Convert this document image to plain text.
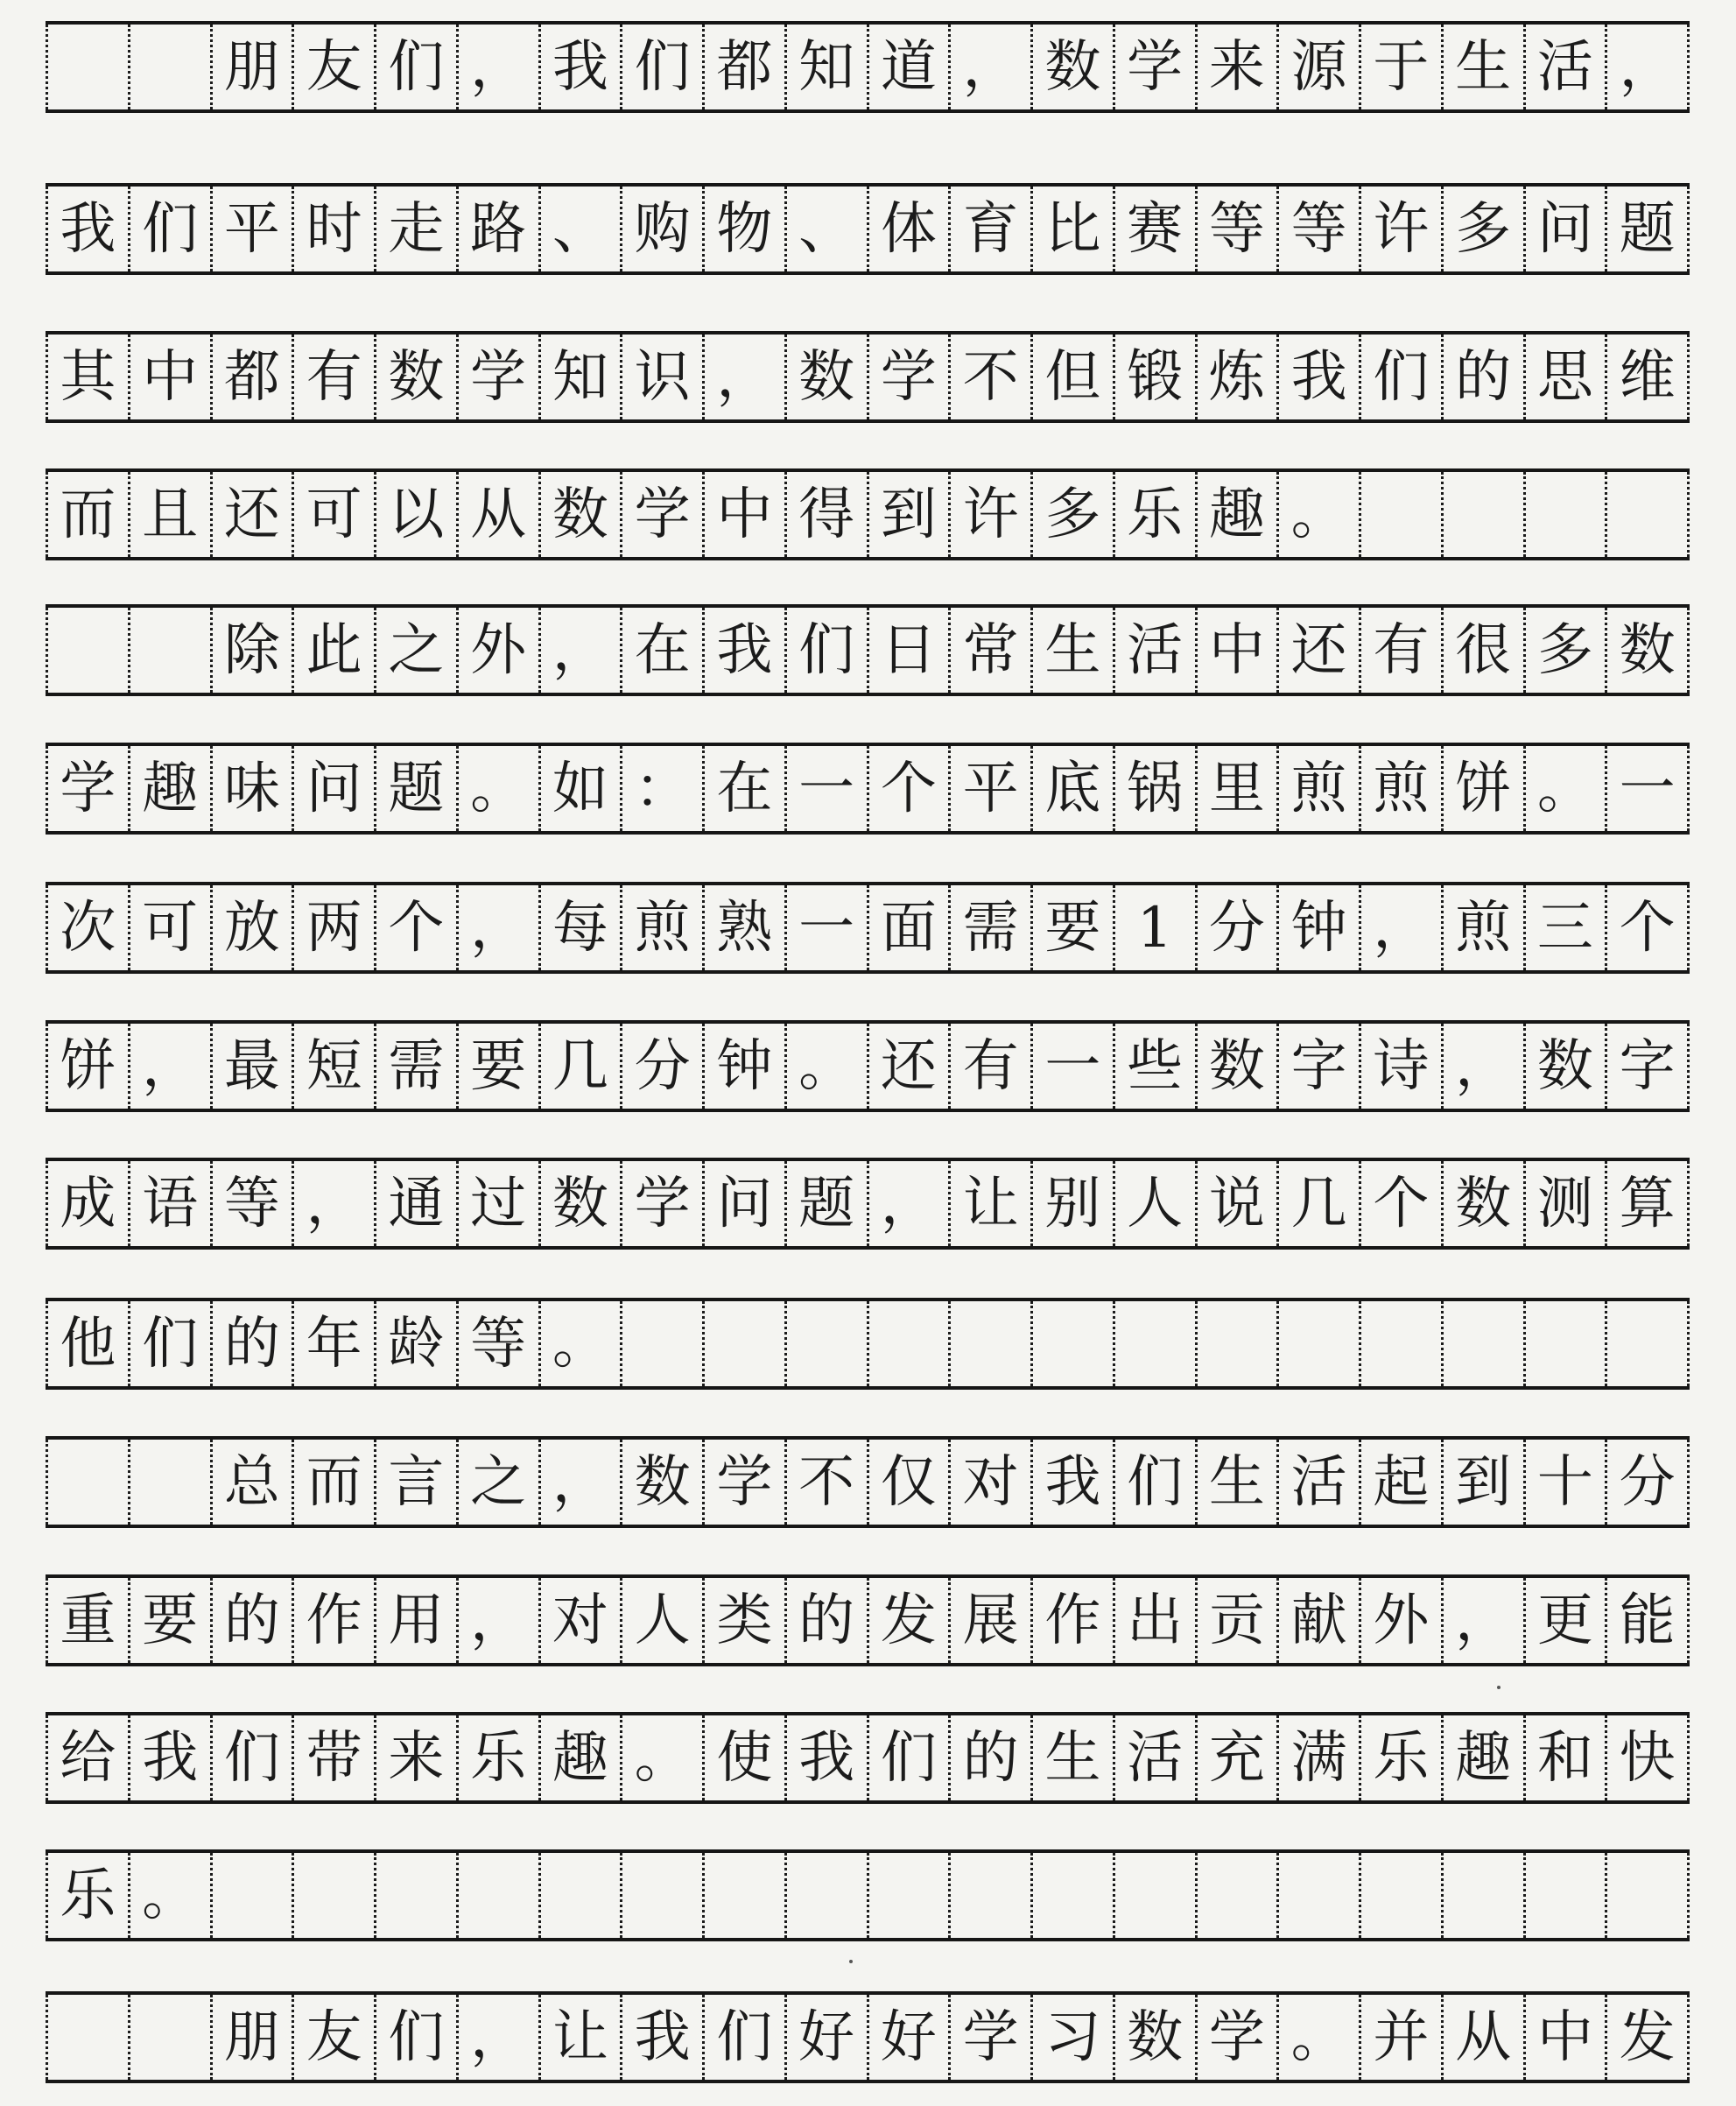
朋 友 们 ， 我 们 都 知 道 ， 数 学 来 源 于 生 活 ，
我 们 平 时 走 路 、 购 物 、 体 育 比 赛 等 等 许 多 问 题
其 中 都 有 数 学 知 识 ， 数 学 不 但 锻 炼 我 们 的 思 维
而 且 还 可 以 从 数 学 中 得 到 许 多 乐 趣 。
除 此 之 外 ， 在 我 们 日 常 生 活 中 还 有 很 多 数
学 趣 味 问 题 。 如 ： 在 一 个 平 底 锅 里 煎 煎 饼 。 一
次 可 放 两 个 ， 每 煎 熟 一 面 需 要 1 分 钟 ， 煎 三 个
饼 ， 最 短 需 要 几 分 钟 。 还 有 一 些 数 字 诗 ， 数 字
成 语 等 ， 通 过 数 学 问 题 ， 让 别 人 说 几 个 数 测 算
他 们 的 年 龄 等 。
总 而 言 之 ， 数 学 不 仅 对 我 们 生 活 起 到 十 分
重 要 的 作 用 ， 对 人 类 的 发 展 作 出 贡 献 外 ， 更 能
给 我 们 带 来 乐 趣 。 使 我 们 的 生 活 充 满 乐 趣 和 快
乐 。
朋 友 们 ， 让 我 们 好 好 学 习 数 学 。 并 从 中 发
